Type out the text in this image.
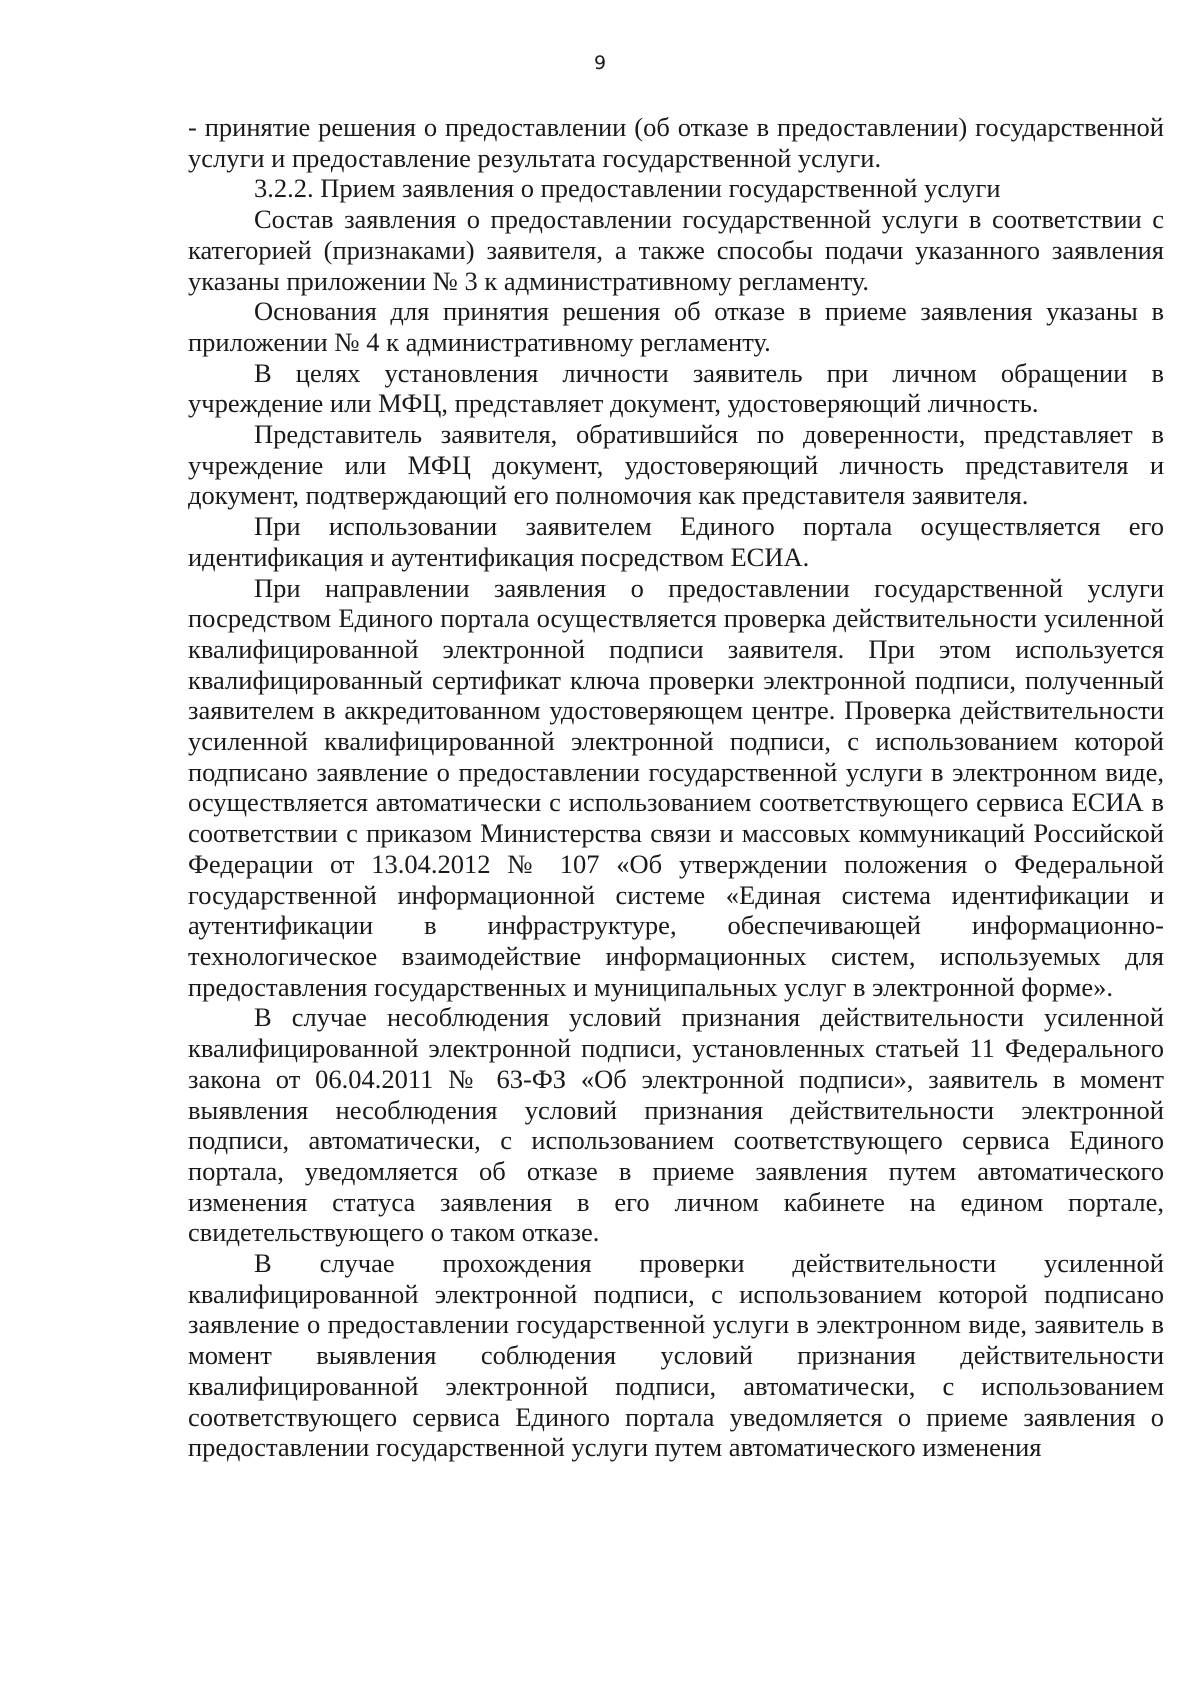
9

- принятие решения о предоставлении (об отказе в предоставлении) государственной услуги и предоставление результата государственной услуги.

3.2.2. Прием заявления о предоставлении государственной услуги

Состав заявления о предоставлении государственной услуги в соответствии с категорией (признаками) заявителя, а также способы подачи указанного заявления указаны приложении № 3 к административному регламенту.

Основания для принятия решения об отказе в приеме заявления указаны в приложении № 4 к административному регламенту.

В целях установления личности заявитель при личном обращении в учреждение или МФЦ, представляет документ, удостоверяющий личность.

Представитель заявителя, обратившийся по доверенности, представляет в учреждение или МФЦ документ, удостоверяющий личность представителя и документ, подтверждающий его полномочия как представителя заявителя.

При использовании заявителем Единого портала осуществляется его идентификация и аутентификация посредством ЕСИА.

При направлении заявления о предоставлении государственной услуги посредством Единого портала осуществляется проверка действительности усиленной квалифицированной электронной подписи заявителя. При этом используется квалифицированный сертификат ключа проверки электронной подписи, полученный заявителем в аккредитованном удостоверяющем центре. Проверка действительности усиленной квалифицированной электронной подписи, с использованием которой подписано заявление о предоставлении государственной услуги в электронном виде, осуществляется автоматически с использованием соответствующего сервиса ЕСИА в соответствии с приказом Министерства связи и массовых коммуникаций Российской Федерации от 13.04.2012 № 107 «Об утверждении положения о Федеральной государственной информационной системе «Единая система идентификации и аутентификации в инфраструктуре, обеспечивающей информационно-технологическое взаимодействие информационных систем, используемых для предоставления государственных и муниципальных услуг в электронной форме».

В случае несоблюдения условий признания действительности усиленной квалифицированной электронной подписи, установленных статьей 11 Федерального закона от 06.04.2011 № 63-ФЗ «Об электронной подписи», заявитель в момент выявления несоблюдения условий признания действительности электронной подписи, автоматически, с использованием соответствующего сервиса Единого портала, уведомляется об отказе в приеме заявления путем автоматического изменения статуса заявления в его личном кабинете на едином портале, свидетельствующего о таком отказе.

В случае прохождения проверки действительности усиленной квалифицированной электронной подписи, с использованием которой подписано заявление о предоставлении государственной услуги в электронном виде, заявитель в момент выявления соблюдения условий признания действительности квалифицированной электронной подписи, автоматически, с использованием соответствующего сервиса Единого портала уведомляется о приеме заявления о предоставлении государственной услуги путем автоматического изменения
